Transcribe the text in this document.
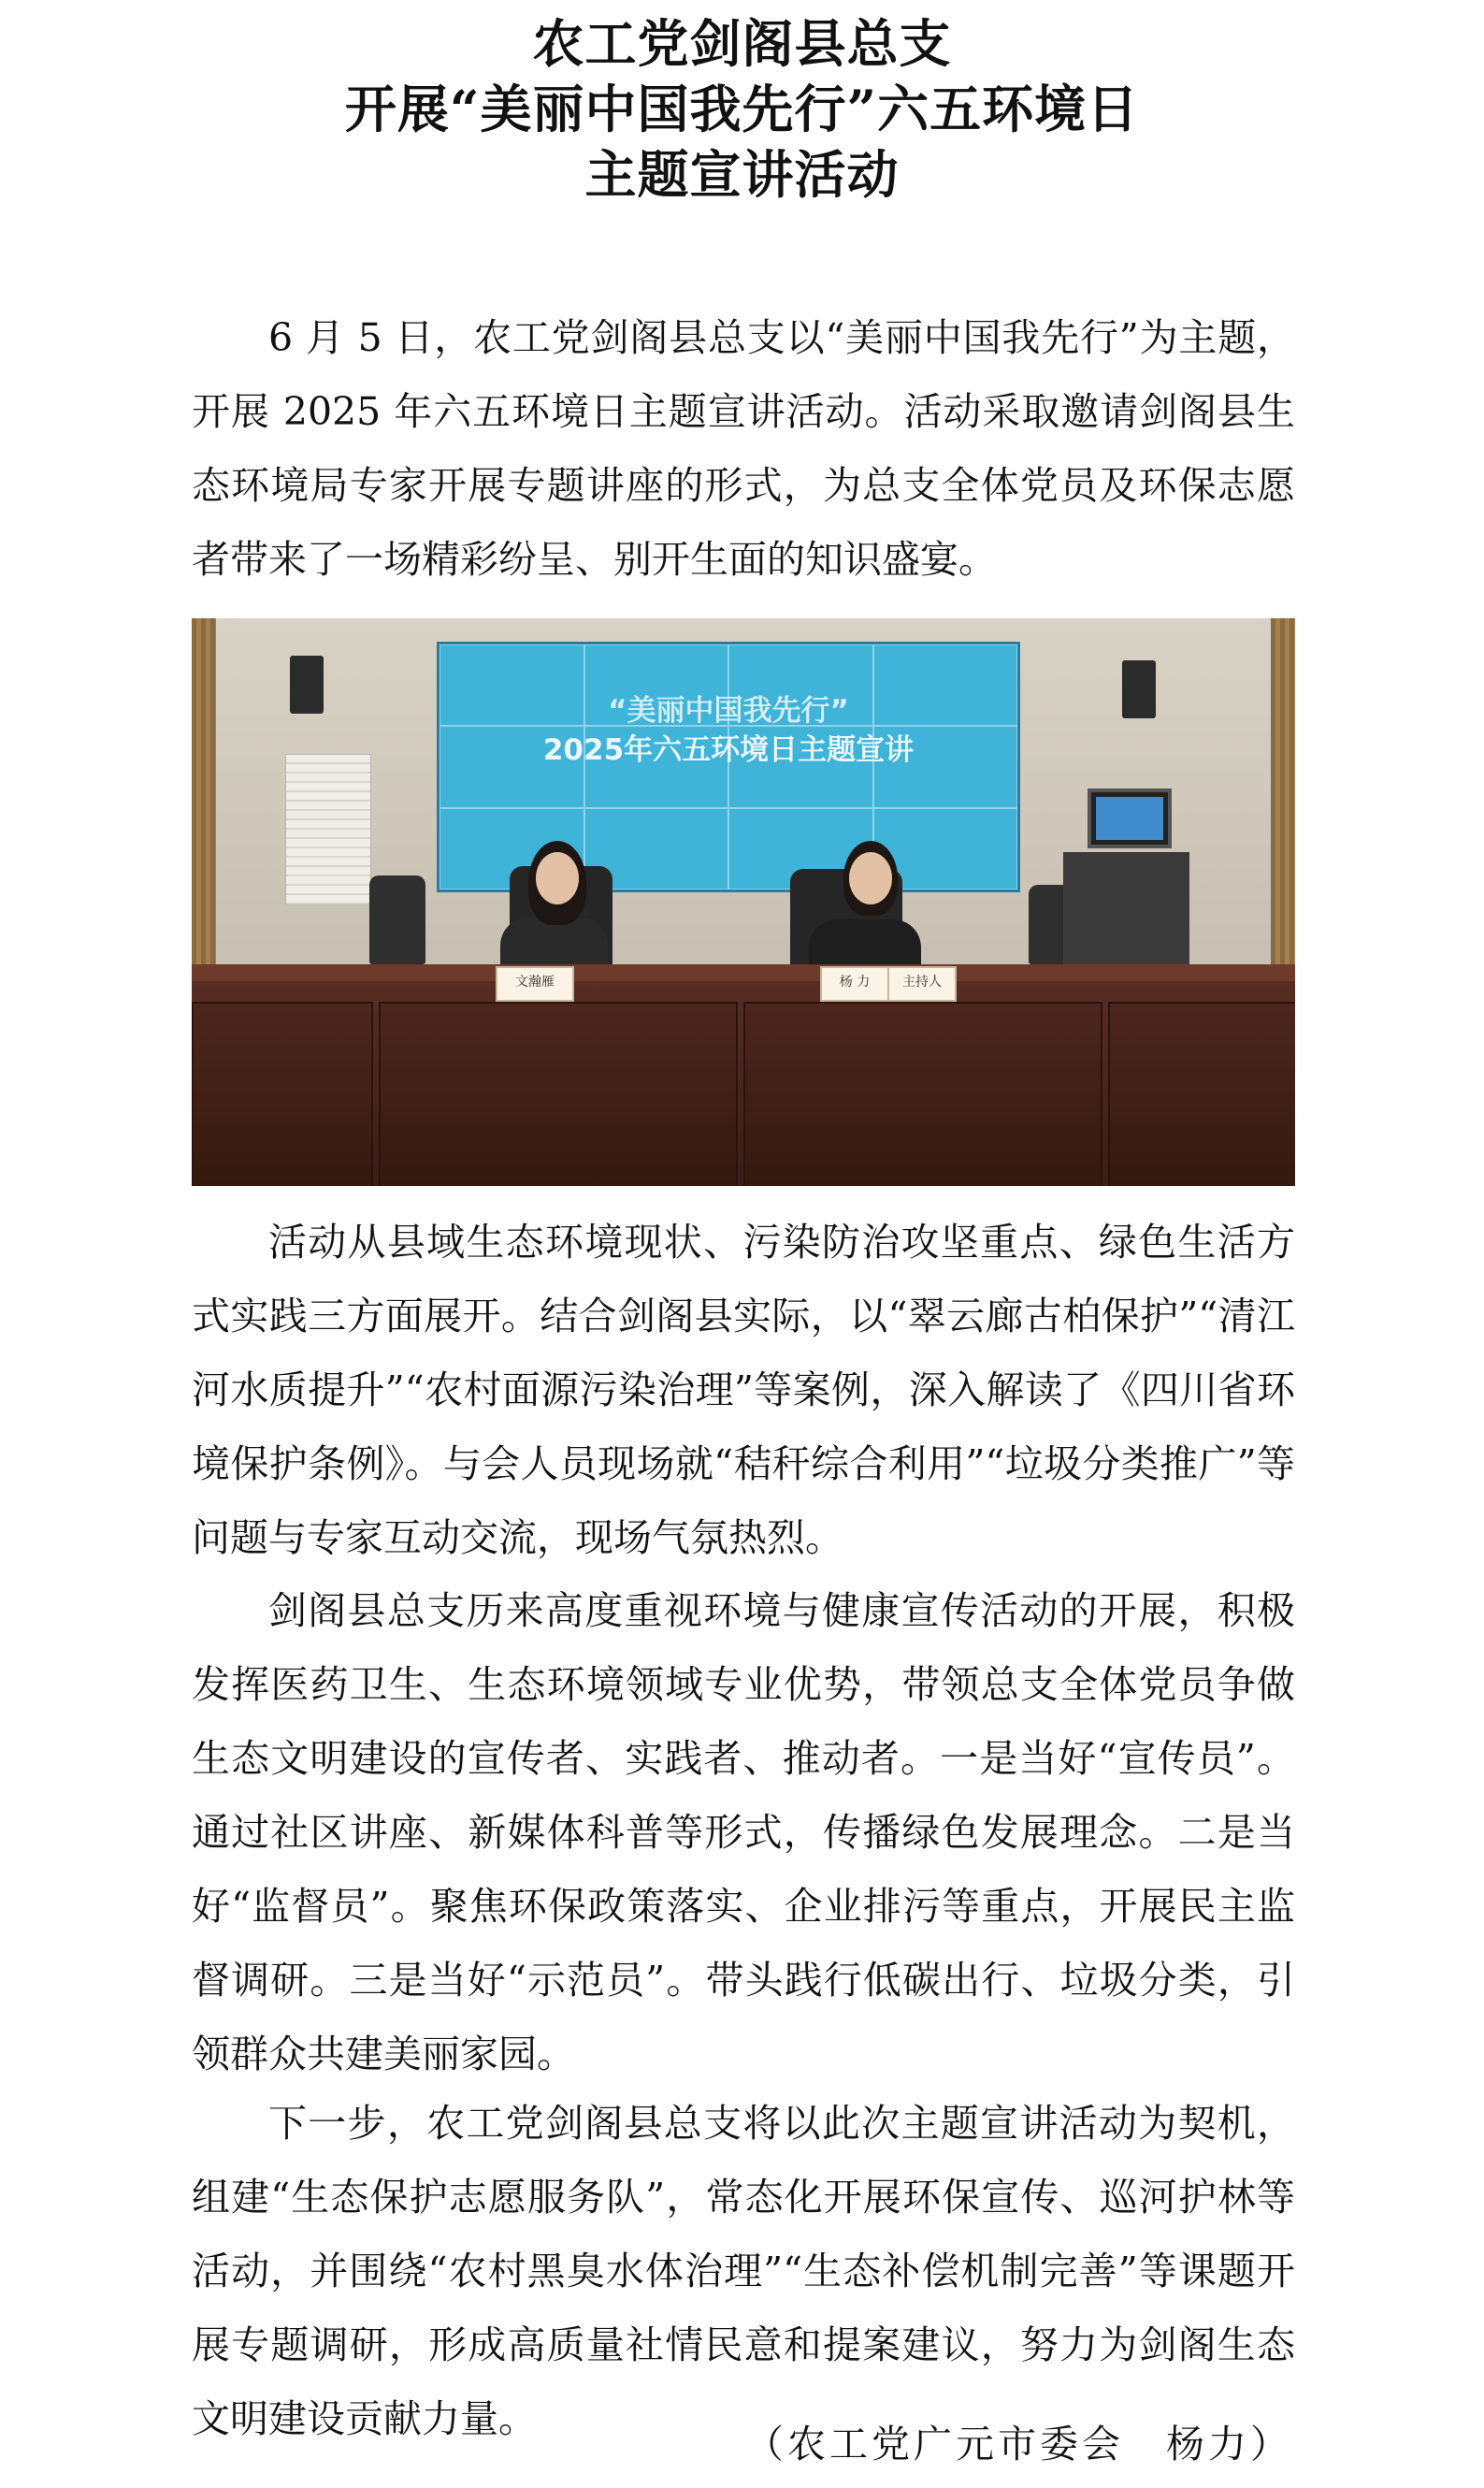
农工党剑阁县总支
开展“美丽中国我先行”六五环境日
主题宣讲活动

6 月 5 日，农工党剑阁县总支以“美丽中国我先行”为主题，开展 2025 年六五环境日主题宣讲活动。活动采取邀请剑阁县生态环境局专家开展专题讲座的形式，为总支全体党员及环保志愿者带来了一场精彩纷呈、别开生面的知识盛宴。

“美丽中国我先行”
2025年六五环境日主题宣讲
文瀚雁	杨 力	主持人

活动从县域生态环境现状、污染防治攻坚重点、绿色生活方式实践三方面展开。结合剑阁县实际，以“翠云廊古柏保护”“清江河水质提升”“农村面源污染治理”等案例，深入解读了《四川省环境保护条例》。与会人员现场就“秸秆综合利用”“垃圾分类推广”等问题与专家互动交流，现场气氛热烈。

剑阁县总支历来高度重视环境与健康宣传活动的开展，积极发挥医药卫生、生态环境领域专业优势，带领总支全体党员争做生态文明建设的宣传者、实践者、推动者。一是当好“宣传员”。通过社区讲座、新媒体科普等形式，传播绿色发展理念。二是当好“监督员”。聚焦环保政策落实、企业排污等重点，开展民主监督调研。三是当好“示范员”。带头践行低碳出行、垃圾分类，引领群众共建美丽家园。

下一步，农工党剑阁县总支将以此次主题宣讲活动为契机，组建“生态保护志愿服务队”，常态化开展环保宣传、巡河护林等活动，并围绕“农村黑臭水体治理”“生态补偿机制完善”等课题开展专题调研，形成高质量社情民意和提案建议，努力为剑阁生态文明建设贡献力量。

（农工党广元市委会　杨力）
